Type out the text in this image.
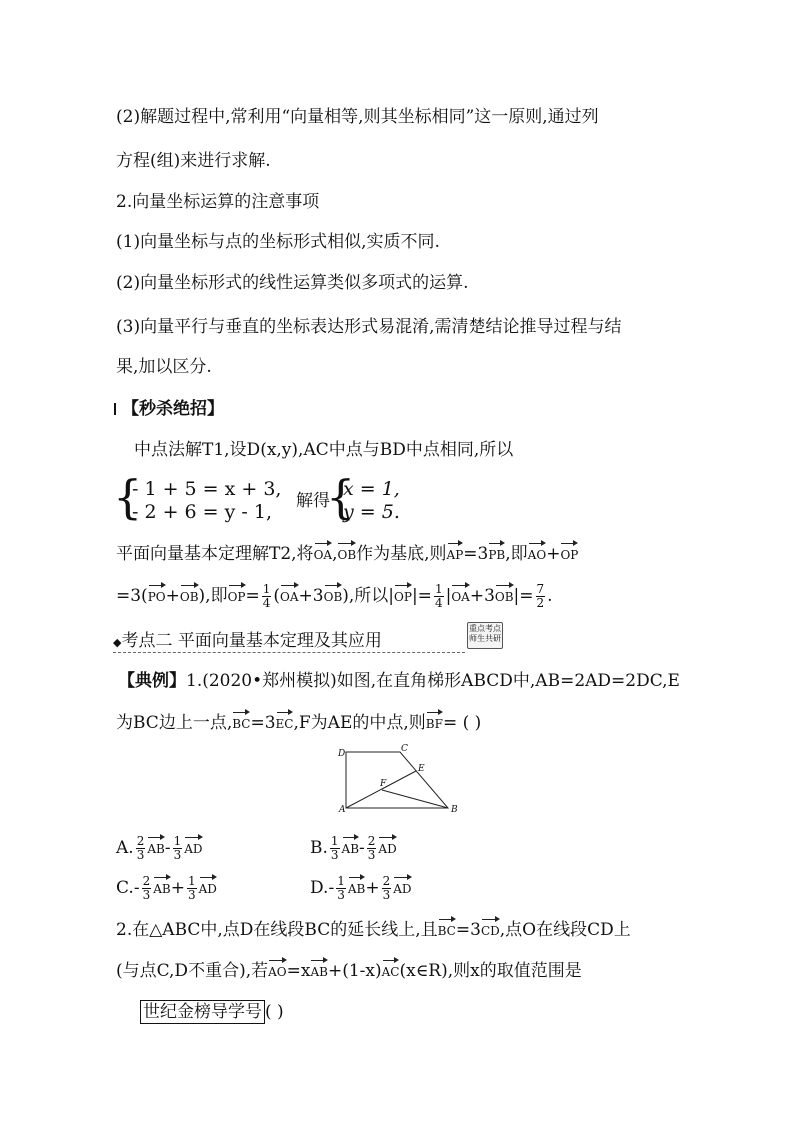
(2)解题过程中,常利用“向量相等,则其坐标相同”这一原则,通过列
方程(组)来进行求解.
2.向量坐标运算的注意事项
(1)向量坐标与点的坐标形式相似,实质不同.
(2)向量坐标形式的线性运算类似多项式的运算.
(3)向量平行与垂直的坐标表达形式易混淆,需清楚结论推导过程与结
果,加以区分.
【秒杀绝招】
中点法解T1,设D(x,y),AC中点与BD中点相同,所以
{
- 1 + 5 = x + 3,
- 2 + 6 = y - 1, 解得
{
x = 1,
y = 5.
平面向量基本定理解T2,将OA,OB作为基底,则AP=3PB,即AO+OP
=3(PO+OB),即$OP= \frac{1}{4} (OA+3OB)$,所以$|OP|= \frac{1}{4} |OA+3OB|= \frac{7}{2}$ .
◆考点二 平面向量基本定理及其应用
重点考点
师生共研
【典例】1.(2020•郑州模拟)如图,在直角梯形ABCD中,AB=2AD=2DC,E
为BC边上一点,BC=3EC,F为AE的中点,则BF= ( )
D	C
E
F
A	B
A. $\frac{2}{3} AB- \frac{1}{3}$ AD	B. $\frac{1}{3} AB- \frac{2}{3}$ AD
$C.- \frac{2}{3} AB+ \frac{1}{3}$ AD	$D.- \frac{1}{3} AB+ \frac{2}{3}$ AD
2.在△ABC中,点D在线段BC的延长线上,且BC=3CD,点O在线段CD上
(与点C,D不重合),若AO=xAB+(1-x)AC(x∈R),则x的取值范围是
世纪金榜导学号 ( )
